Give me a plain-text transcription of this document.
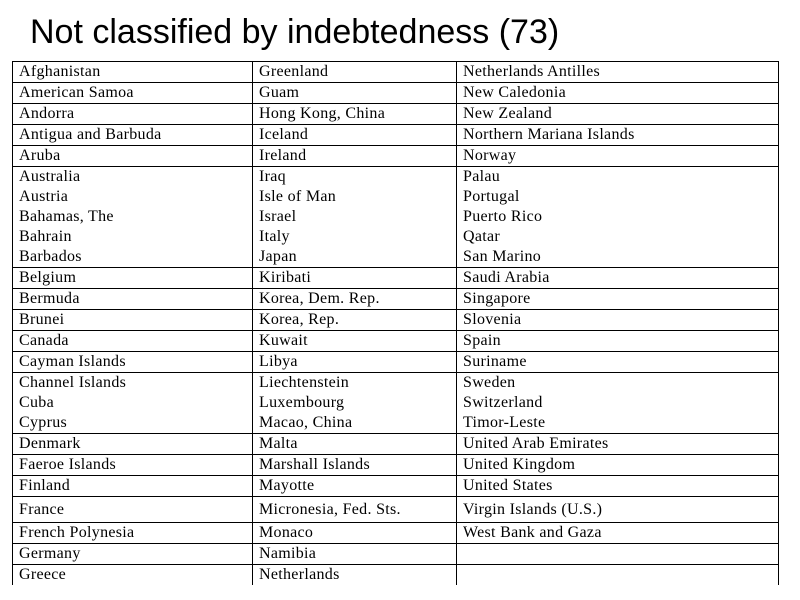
Not classified by indebtedness (73)
Afghanistan	Greenland	Netherlands Antilles
American Samoa	Guam	New Caledonia
Andorra	Hong Kong, China	New Zealand
Antigua and Barbuda	Iceland	Northern Mariana Islands
Aruba	Ireland	Norway
Australia	Iraq	Palau
Austria	Isle of Man	Portugal
Bahamas, The	Israel	Puerto Rico
Bahrain	Italy	Qatar
Barbados	Japan	San Marino
Belgium	Kiribati	Saudi Arabia
Bermuda	Korea, Dem. Rep.	Singapore
Brunei	Korea, Rep.	Slovenia
Canada	Kuwait	Spain
Cayman Islands	Libya	Suriname
Channel Islands	Liechtenstein	Sweden
Cuba	Luxembourg	Switzerland
Cyprus	Macao, China	Timor-Leste
Denmark	Malta	United Arab Emirates
Faeroe Islands	Marshall Islands	United Kingdom
Finland	Mayotte	United States
France	Micronesia, Fed. Sts.	Virgin Islands (U.S.)
French Polynesia	Monaco	West Bank and Gaza
Germany	Namibia	
Greece	Netherlands	
